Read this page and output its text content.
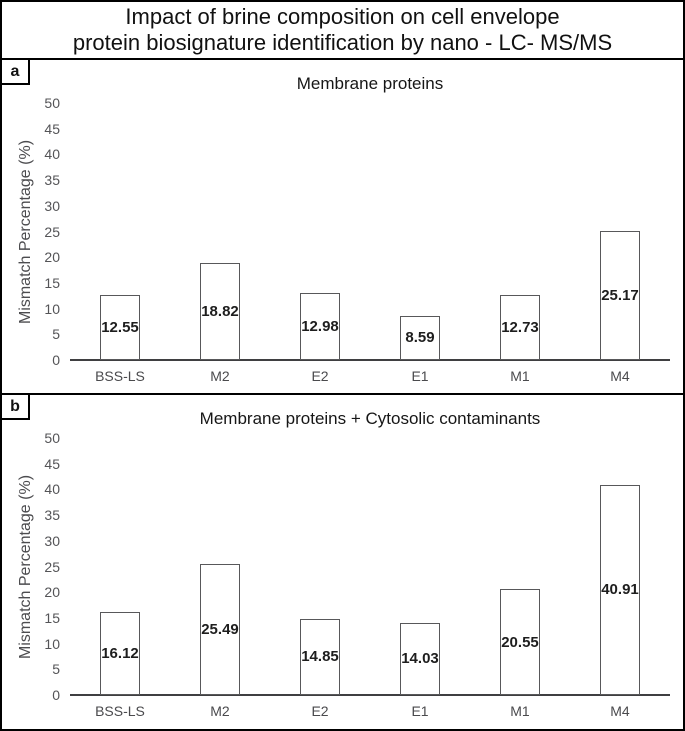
Impact of brine composition on cell envelope
protein biosignature identification by nano - LC- MS/MS
a
Membrane proteins
Mismatch Percentage (%)
0
5
10
15
20
25
30
35
40
45
50
12.55
BSS-LS
18.82
M2
12.98
E2
8.59
E1
12.73
M1
25.17
M4
b
Membrane proteins + Cytosolic contaminants
Mismatch Percentage (%)
0
5
10
15
20
25
30
35
40
45
50
16.12
BSS-LS
25.49
M2
14.85
E2
14.03
E1
20.55
M1
40.91
M4
